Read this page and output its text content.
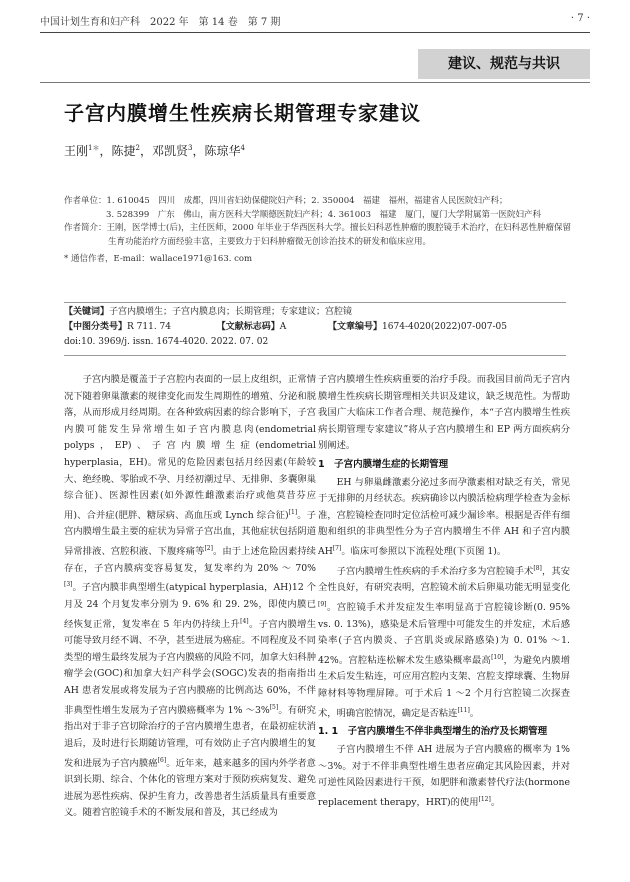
中国计划生育和妇产科　2022 年　第 14 卷　第 7 期	· 7 ·
建议、规范与共识
子宫内膜增生性疾病长期管理专家建议
王刚$^{1*}$，陈捷$^2$，邓凯贤$^3$，陈琼华$^4$

作者单位：1. 610045　四川　成都，四川省妇幼保健院妇产科；2. 350004　福建　福州，福建省人民医院妇产科；

3. 528399　广东　佛山，南方医科大学顺德医院妇产科；4. 361003　福建　厦门，厦门大学附属第一医院妇产科

作者简介：王刚，医学博士(后)，主任医师，2000 年毕业于华西医科大学。擅长妇科恶性肿瘤的腹腔镜手术治疗，在妇科恶性肿瘤保留生育功能治疗方面经验丰富，主要致力于妇科肿瘤微无创诊治技术的研发和临床应用。

* 通信作者，E-mail：wallace1971@163. com

【关键词】子宫内膜增生；子宫内膜息肉；长期管理；专家建议；宫腔镜

【中图分类号】R 711. 74	【文献标志码】A	【文章编号】1674-4020(2022)07-007-05

doi:10. 3969/j. issn. 1674-4020. 2022. 07. 02

子宫内膜是覆盖于子宫腔内表面的一层上皮组织，正常情况下随着卵巢激素的规律变化而发生周期性的增殖、分泌和脱落，从而形成月经周期。在各种致病因素的综合影响下，子宫内膜可能发生异常增生如子宫内膜息肉(endometrial polyps，EP)、子宫内膜增生症(endometrial hyperplasia，EH)。常见的危险因素包括月经因素(年龄较大、绝经晚、零胎或不孕、月经初潮过早、无排卵、多囊卵巢综合征)、医源性因素(如外源性雌激素治疗或他莫昔芬应用)、合并症(肥胖、糖尿病、高血压或 Lynch 综合征)[1]。子宫内膜增生最主要的症状为异常子宫出血，其他症状包括阴道异常排液、宫腔积液、下腹疼痛等[2]。由于上述危险因素持续存在，子宫内膜病变容易复发，复发率约为 20% ～ 70%[3]。子宫内膜非典型增生(atypical hyperplasia，AH)12 个月及 24 个月复发率分别为 9. 6% 和 29. 2%，即使内膜已经恢复正常，复发率在 5 年内仍持续上升[4]。子宫内膜增生可能导致月经不调、不孕，甚至进展为癌症。不同程度及不同类型的增生最终发展为子宫内膜癌的风险不同，加拿大妇科肿瘤学会(GOC)和加拿大妇产科学会(SOGC)发表的指南指出 AH 患者发展或将发展为子宫内膜癌的比例高达 60%，不伴非典型性增生发展为子宫内膜癌概率为 1% ～3%[5]。有研究指出对于非子宫切除治疗的子宫内膜增生患者，在最初症状消退后，及时进行长期随访管理，可有效防止子宫内膜增生的复发和进展为子宫内膜癌[6]。近年来，越来越多的国内外学者意识到长期、综合、个体化的管理方案对于预防疾病复发、避免进展为恶性疾病、保护生育力，改善患者生活质量具有重要意义。随着宫腔镜手术的不断发展和普及，其已经成为

子宫内膜增生性疾病重要的治疗手段。而我国目前尚无子宫内膜增生性疾病长期管理相关共识及建议，缺乏规范性。为帮助我国广大临床工作者合理、规范操作，本“子宫内膜增生性疾病长期管理专家建议”将从子宫内膜增生和 EP 两方面疾病分别阐述。

1　子宫内膜增生症的长期管理

EH 与卵巢雌激素分泌过多而孕激素相对缺乏有关，常见于无排卵的月经状态。疾病确诊以内膜活检病理学检查为金标准，宫腔镜检查同时定位活检可减少漏诊率。根据是否伴有细胞和组织的非典型性分为子宫内膜增生不伴 AH 和子宫内膜 AH[7]。临床可参照以下流程处理(下页图 1)。

子宫内膜增生性疾病的手术治疗多为宫腔镜手术[8]，其安全性良好，有研究表明，宫腔镜术前术后卵巢功能无明显变化[9]。宫腔镜手术并发症发生率明显高于宫腔镜诊断(0. 95% vs. 0. 13%)，感染是术后管理中可能发生的并发症，术后感染率(子宫内膜炎、子宫肌炎或尿路感染)为 0. 01% ～1. 42%。宫腔粘连松解术发生感染概率最高[10]，为避免内膜增生术后发生粘连，可应用宫腔内支架、宫腔支撑球囊、生物屏障材料等物理屏障。可于术后 1 ～2 个月行宫腔镜二次探查术，明确宫腔情况，确定是否粘连[11]。

1. 1　子宫内膜增生不伴非典型增生的治疗及长期管理

子宫内膜增生不伴 AH 进展为子宫内膜癌的概率为 1% ～3%。对于不伴非典型性增生患者应确定其风险因素，并对可逆性风险因素进行干预，如肥胖和激素替代疗法(hormone replacement therapy，HRT)的使用[12]。
